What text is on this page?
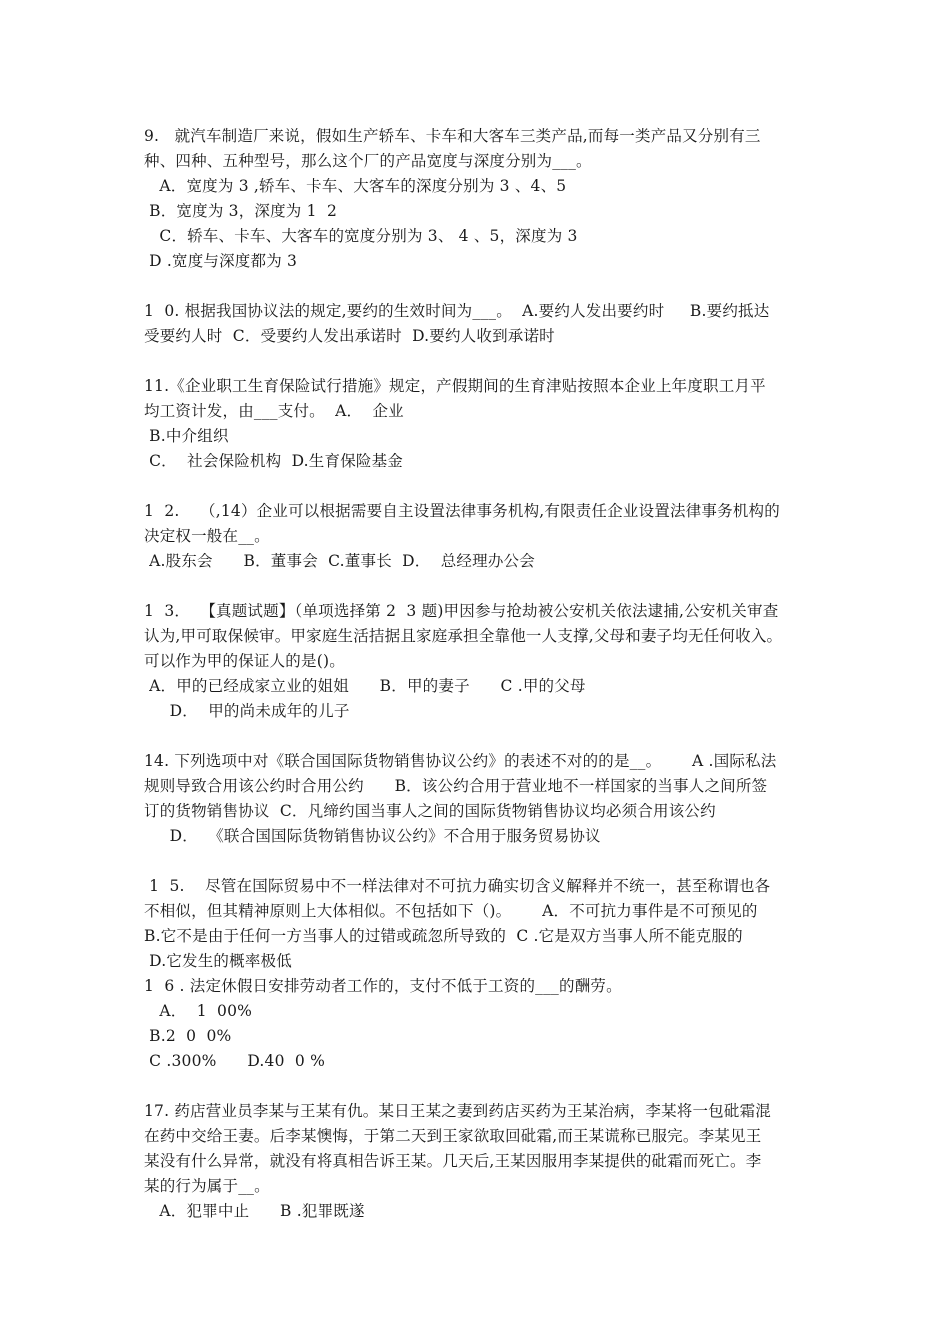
9.   就汽车制造厂来说，假如生产轿车、卡车和大客车三类产品,而每一类产品又分别有三
种、四种、五种型号，那么这个厂的产品宽度与深度分别为___。
A．宽度为 3 ,轿车、卡车、大客车的深度分别为 3 、4、5
B．宽度为 3，深度为 1  2
C．轿车、卡车、大客车的宽度分别为 3、 4 、5，深度为 3
D .宽度与深度都为 3
1  0. 根据我国协议法的规定,要约的生效时间为___。  A.要约人发出要约时     B.要约抵达
受要约人时  C．受要约人发出承诺时  D.要约人收到承诺时
11.《企业职工生育保险试行措施》规定，产假期间的生育津贴按照本企业上年度职工月平
均工资计发，由___支付。  A．  企业
B.中介组织
C．  社会保险机构  D.生育保险基金
1  2.    （,14）企业可以根据需要自主设置法律事务机构,有限责任企业设置法律事务机构的
决定权一般在__。
A.股东会      B．董事会  C.董事长  D．  总经理办公会
1  3．  【真题试题】（单项选择第 2  3 题)甲因参与抢劫被公安机关依法逮捕,公安机关审查
认为,甲可取保候审。甲家庭生活拮据且家庭承担全靠他一人支撑,父母和妻子均无任何收入。
可以作为甲的保证人的是()。
A．甲的已经成家立业的姐姐      B．甲的妻子      C .甲的父母
D．  甲的尚未成年的儿子
14. 下列选项中对《联合国国际货物销售协议公约》的表述不对的的是__。      A .国际私法
规则导致合用该公约时合用公约      B．该公约合用于营业地不一样国家的当事人之间所签
订的货物销售协议  C．凡缔约国当事人之间的国际货物销售协议均必须合用该公约
D．  《联合国国际货物销售协议公约》不合用于服务贸易协议
1  5.    尽管在国际贸易中不一样法律对不可抗力确实切含义解释并不统一，甚至称谓也各
不相似，但其精神原则上大体相似。不包括如下（)。      A．不可抗力事件是不可预见的
B.它不是由于任何一方当事人的过错或疏忽所导致的  C .它是双方当事人所不能克服的
D.它发生的概率极低
1  6 . 法定休假日安排劳动者工作的，支付不低于工资的___的酬劳。
A．  1  00%
B.2  0  0%
C .300%      D.40  0 %
17. 药店营业员李某与王某有仇。某日王某之妻到药店买药为王某治病，李某将一包砒霜混
在药中交给王妻。后李某懊悔，于第二天到王家欲取回砒霜,而王某谎称已服完。李某见王
某没有什么异常，就没有将真相告诉王某。几天后,王某因服用李某提供的砒霜而死亡。李
某的行为属于__。
A．犯罪中止      B .犯罪既遂
